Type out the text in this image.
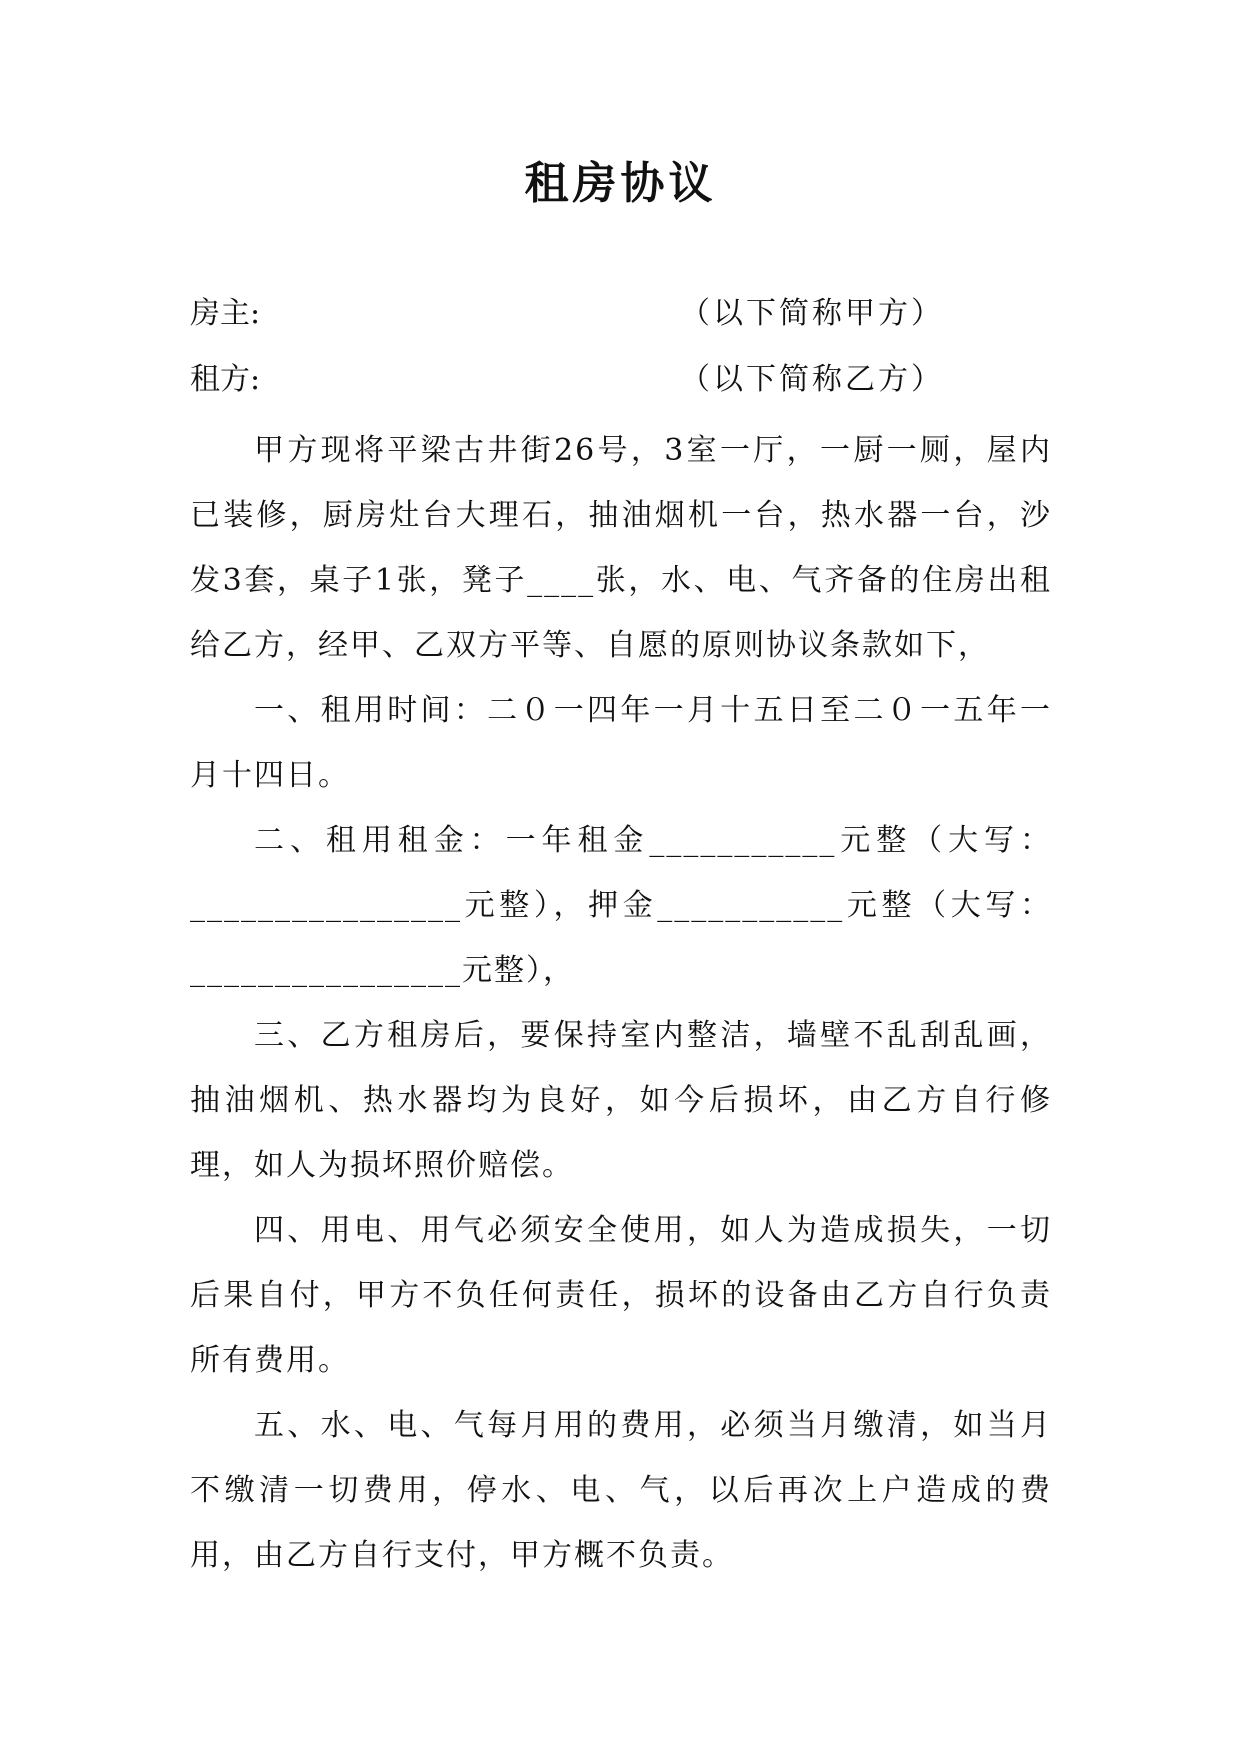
租房协议
房主:	（以下简称甲方）
租方:	（以下简称乙方）

甲方现将平梁古井街26号，3室一厅，一厨一厕，屋内已装修，厨房灶台大理石，抽油烟机一台，热水器一台，沙发3套，桌子1张，凳子____张，水、电、气齐备的住房出租给乙方，经甲、乙双方平等、自愿的原则协议条款如下，

一、租用时间：二０一四年一月十五日至二０一五年一月十四日。

二、租用租金：一年租金___________元整（大写：________________元整），押金___________元整（大写：________________元整），

三、乙方租房后，要保持室内整洁，墙壁不乱刮乱画，抽油烟机、热水器均为良好，如今后损坏，由乙方自行修理，如人为损坏照价赔偿。

四、用电、用气必须安全使用，如人为造成损失，一切后果自付，甲方不负任何责任，损坏的设备由乙方自行负责所有费用。

五、水、电、气每月用的费用，必须当月缴清，如当月不缴清一切费用，停水、电、气，以后再次上户造成的费用，由乙方自行支付，甲方概不负责。
